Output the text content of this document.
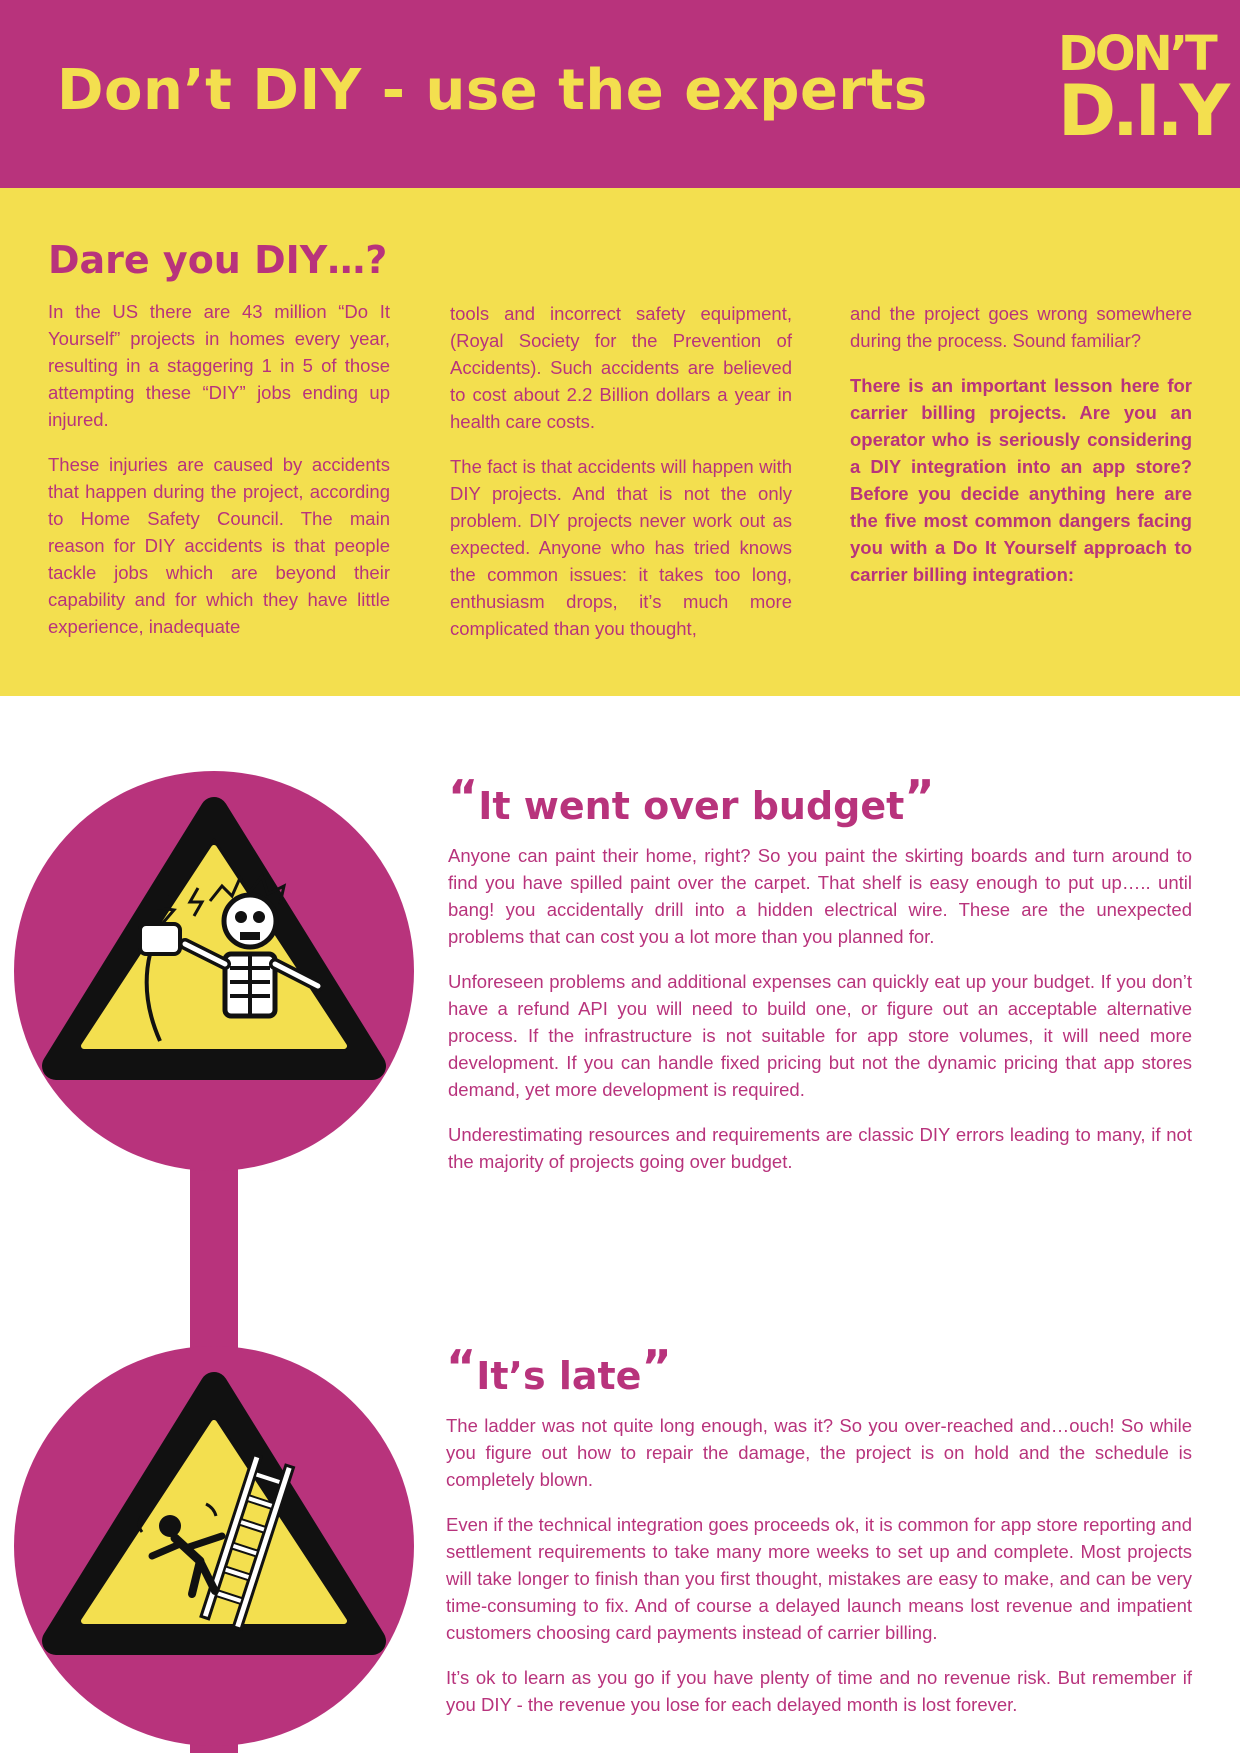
Don’t DIY - use the experts
DON’T
D.I.Y
Dare you DIY…?

In the US there are 43 million “Do It Yourself” projects in homes every year, resulting in a staggering 1 in 5 of those attempting these “DIY” jobs ending up injured.

These injuries are caused by accidents that happen during the project, according to Home Safety Council. The main reason for DIY accidents is that people tackle jobs which are beyond their capability and for which they have little experience, inadequate

tools and incorrect safety equipment, (Royal Society for the Prevention of Accidents). Such accidents are believed to cost about 2.2 Billion dollars a year in health care costs.

The fact is that accidents will happen with DIY projects. And that is not the only problem. DIY projects never work out as expected. Anyone who has tried knows the common issues: it takes too long, enthusiasm drops, it’s much more complicated than you thought,

and the project goes wrong somewhere during the process. Sound familiar?

There is an important lesson here for carrier billing projects. Are you an operator who is seriously considering a DIY integration into an app store? Before you decide anything here are the five most common dangers facing you with a Do It Yourself approach to carrier billing integration:

“It went over budget”

Anyone can paint their home, right? So you paint the skirting boards and turn around to find you have spilled paint over the carpet. That shelf is easy enough to put up….. until bang! you accidentally drill into a hidden electrical wire. These are the unexpected problems that can cost you a lot more than you planned for.

Unforeseen problems and additional expenses can quickly eat up your budget. If you don’t have a refund API you will need to build one, or figure out an acceptable alternative process. If the infrastructure is not suitable for app store volumes, it will need more development. If you can handle fixed pricing but not the dynamic pricing that app stores demand, yet more development is required.

Underestimating resources and requirements are classic DIY errors leading to many, if not the majority of projects going over budget.

“It’s late”

The ladder was not quite long enough, was it? So you over-reached and…ouch! So while you figure out how to repair the damage, the project is on hold and the schedule is completely blown.

Even if the technical integration goes proceeds ok, it is common for app store reporting and settlement requirements to take many more weeks to set up and complete. Most projects will take longer to finish than you first thought, mistakes are easy to make, and can be very time-consuming to fix. And of course a delayed launch means lost revenue and impatient customers choosing card payments instead of carrier billing.

It’s ok to learn as you go if you have plenty of time and no revenue risk. But remember if you DIY - the revenue you lose for each delayed month is lost forever.
